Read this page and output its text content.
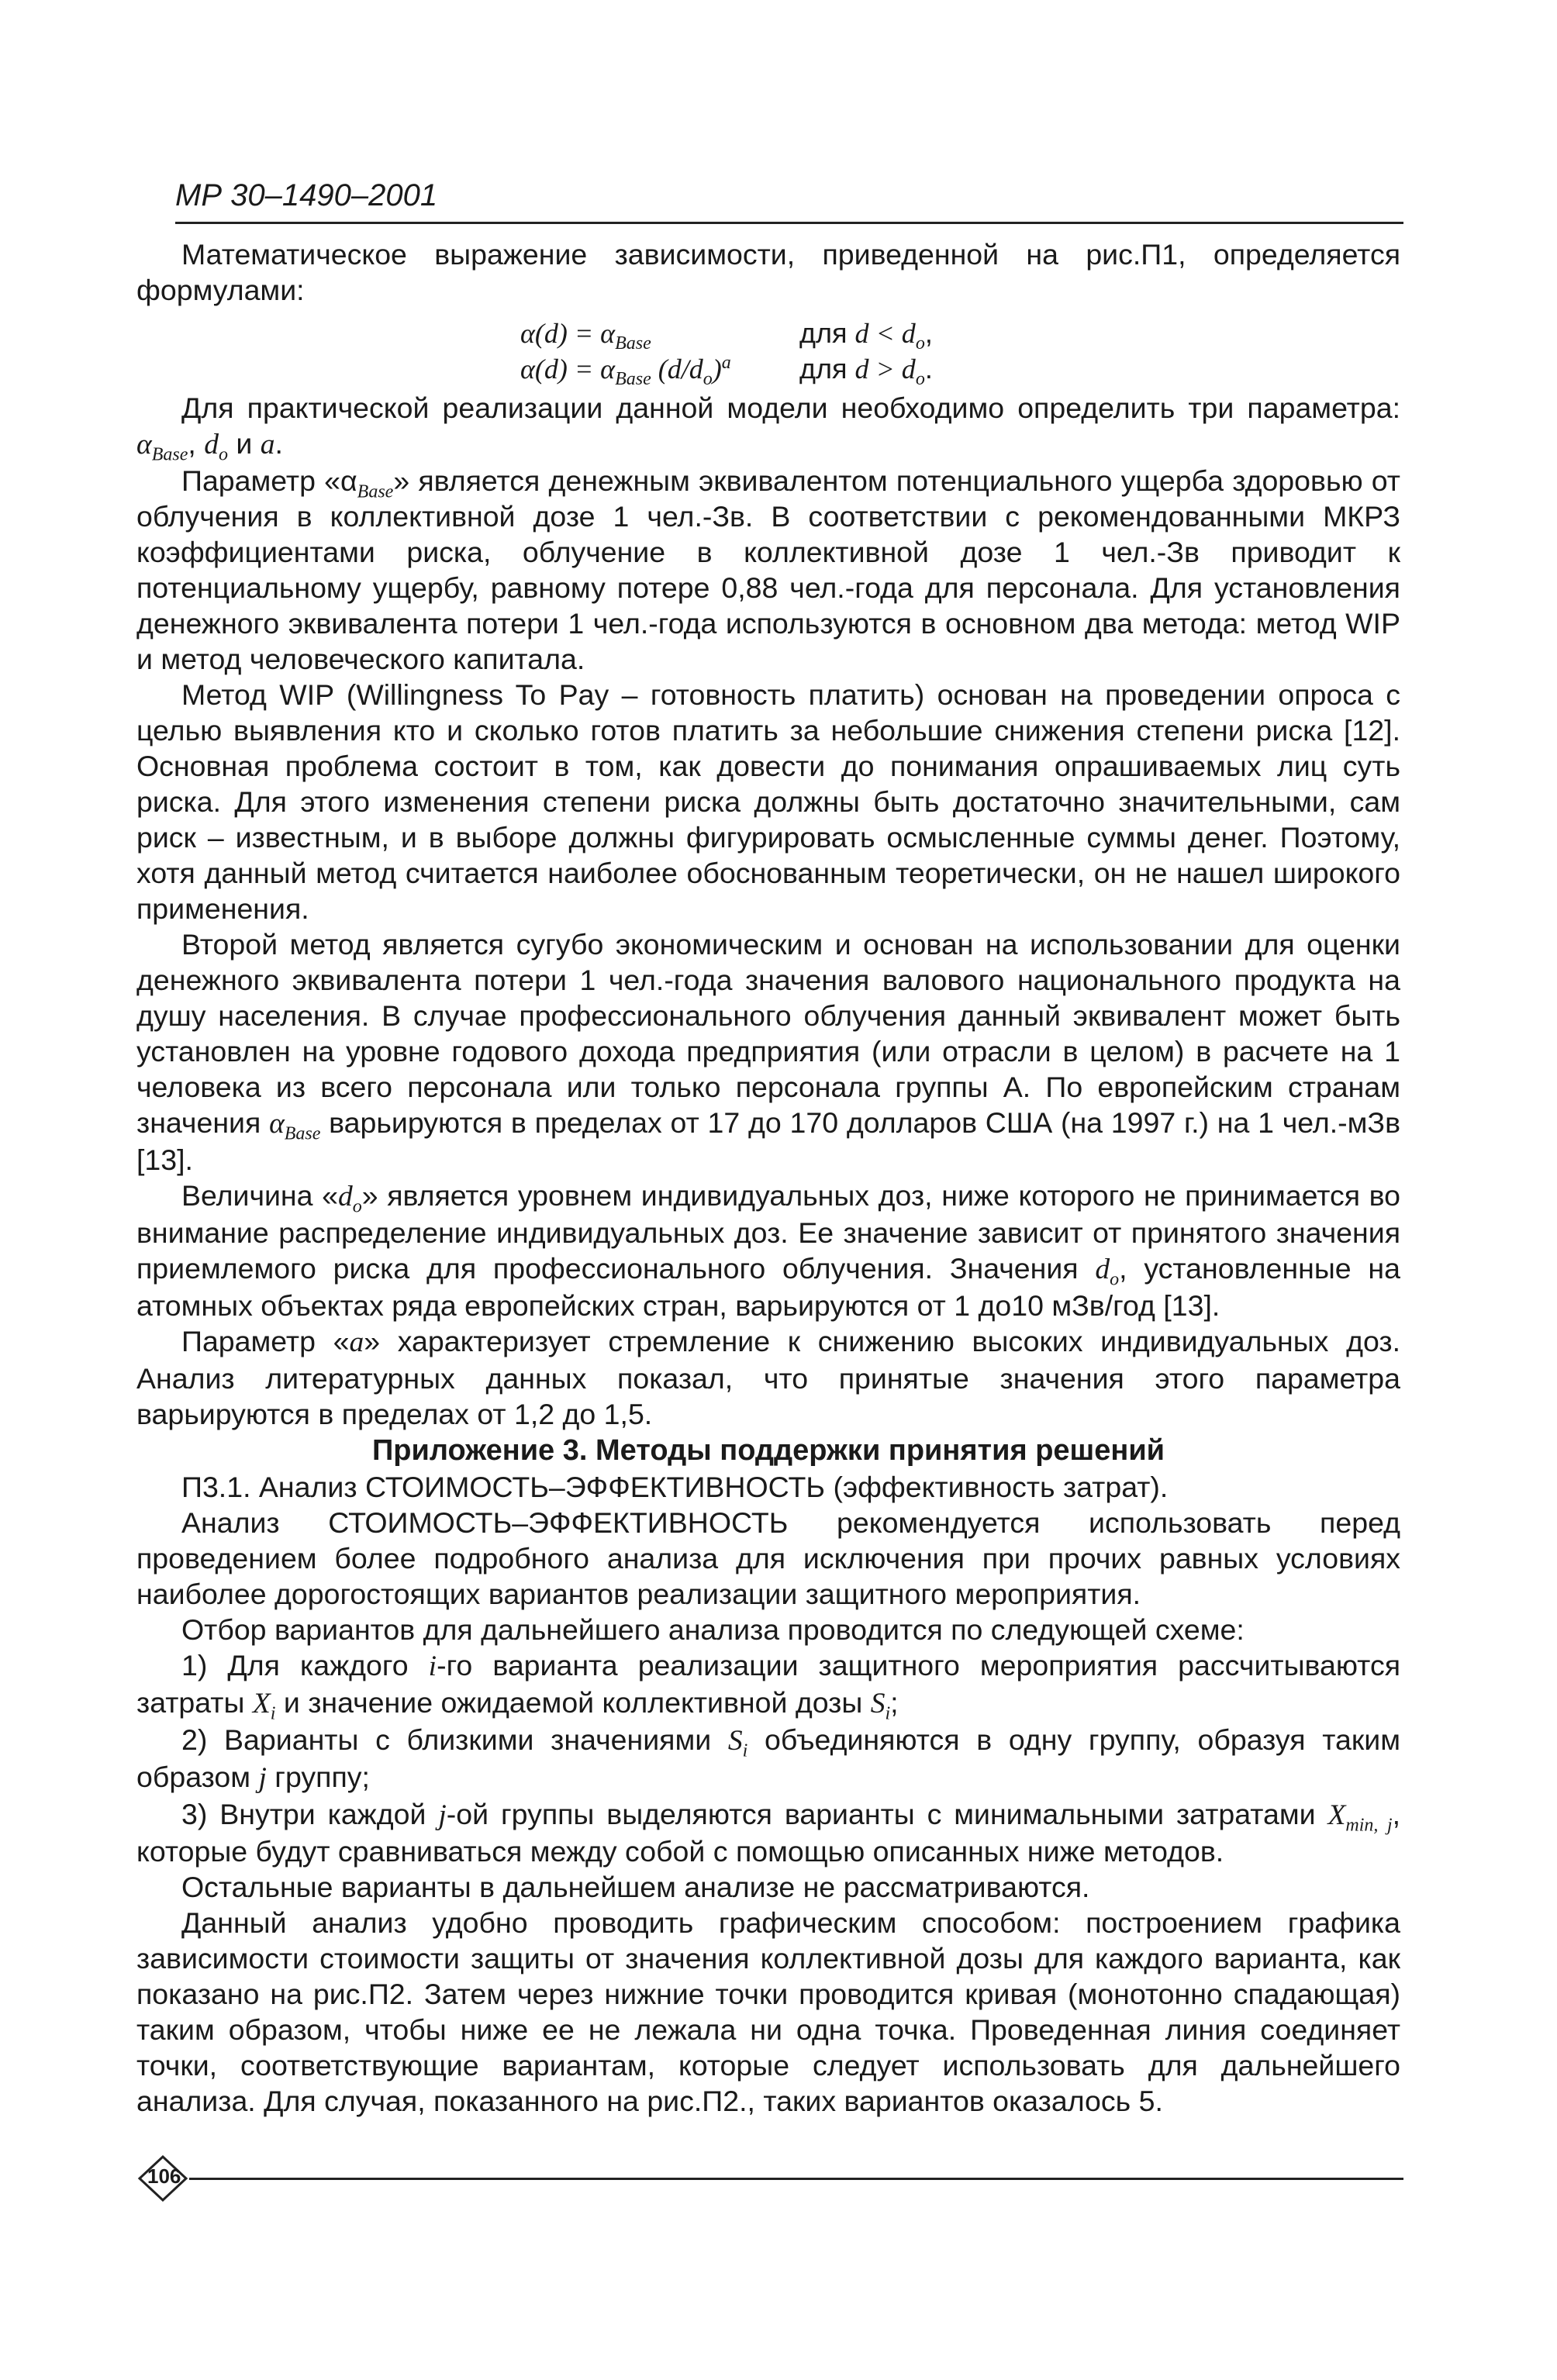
МР 30–1490–2001

Математическое выражение зависимости, приведенной на рис.П1, определяется формулами:

$\alpha(d) = \alpha_{Base}$	для $d < d_o$,
$\alpha(d) = \alpha_{Base}$ $(d/d_o)^a$	для $d > d_o$.

Для практической реализации данной модели необходимо определить три параметра: $\alpha_{Base}$, $d_o$ и a.

Параметр «$\alpha_{Base}$» является денежным эквивалентом потенциального ущерба здоровью от облучения в коллективной дозе 1 чел.-Зв. В соответствии с рекомендованными МКРЗ коэффициентами риска, облучение в коллективной дозе 1 чел.-Зв приводит к потенциальному ущербу, равному потере 0,88 чел.-года для персонала. Для установления денежного эквивалента потери 1 чел.-года используются в основном два метода: метод WIP и метод человеческого капитала.

Метод WIP (Willingness To Pay – готовность платить) основан на проведении опроса с целью выявления кто и сколько готов платить за небольшие снижения степени риска [12]. Основная проблема состоит в том, как довести до понимания опрашиваемых лиц суть риска. Для этого изменения степени риска должны быть достаточно значительными, сам риск – известным, и в выборе должны фигурировать осмысленные суммы денег. Поэтому, хотя данный метод считается наиболее обоснованным теоретически, он не нашел широкого применения.

Второй метод является сугубо экономическим и основан на использовании для оценки денежного эквивалента потери 1 чел.-года значения валового национального продукта на душу населения. В случае профессионального облучения данный эквивалент может быть установлен на уровне годового дохода предприятия (или отрасли в целом) в расчете на 1 человека из всего персонала или только персонала группы А. По европейским странам значения $\alpha_{Base}$ варьируются в пределах от 17 до 170 долларов США (на 1997 г.) на 1 чел.-мЗв [13].

Величина «$d_o$» является уровнем индивидуальных доз, ниже которого не принимается во внимание распределение индивидуальных доз. Ее значение зависит от принятого значения приемлемого риска для профессионального облучения. Значения $d_o$, установленные на атомных объектах ряда европейских стран, варьируются от 1 до10 мЗв/год [13].

Параметр «a» характеризует стремление к снижению высоких индивидуальных доз. Анализ литературных данных показал, что принятые значения этого параметра варьируются в пределах от 1,2 до 1,5.

Приложение 3. Методы поддержки принятия решений

П3.1. Анализ СТОИМОСТЬ–ЭФФЕКТИВНОСТЬ (эффективность затрат).

Анализ СТОИМОСТЬ–ЭФФЕКТИВНОСТЬ рекомендуется использовать перед проведением более подробного анализа для исключения при прочих равных условиях наиболее дорогостоящих вариантов реализации защитного мероприятия.

Отбор вариантов для дальнейшего анализа проводится по следующей схеме:

1) Для каждого i-го варианта реализации защитного мероприятия рассчитываются затраты $X_i$ и значение ожидаемой коллективной дозы $S_i$;

2) Варианты с близкими значениями $S_i$ объединяются в одну группу, образуя таким образом j группу;

3) Внутри каждой j-ой группы выделяются варианты с минимальными затратами $X_{min, j}$, которые будут сравниваться между собой с помощью описанных ниже методов.

Остальные варианты в дальнейшем анализе не рассматриваются.

Данный анализ удобно проводить графическим способом: построением графика зависимости стоимости защиты от значения коллективной дозы для каждого варианта, как показано на рис.П2. Затем через нижние точки проводится кривая (монотонно спадающая) таким образом, чтобы ниже ее не лежала ни одна точка. Проведенная линия соединяет точки, соответствующие вариантам, которые следует использовать для дальнейшего анализа. Для случая, показанного на рис.П2., таких вариантов оказалось 5.

106
